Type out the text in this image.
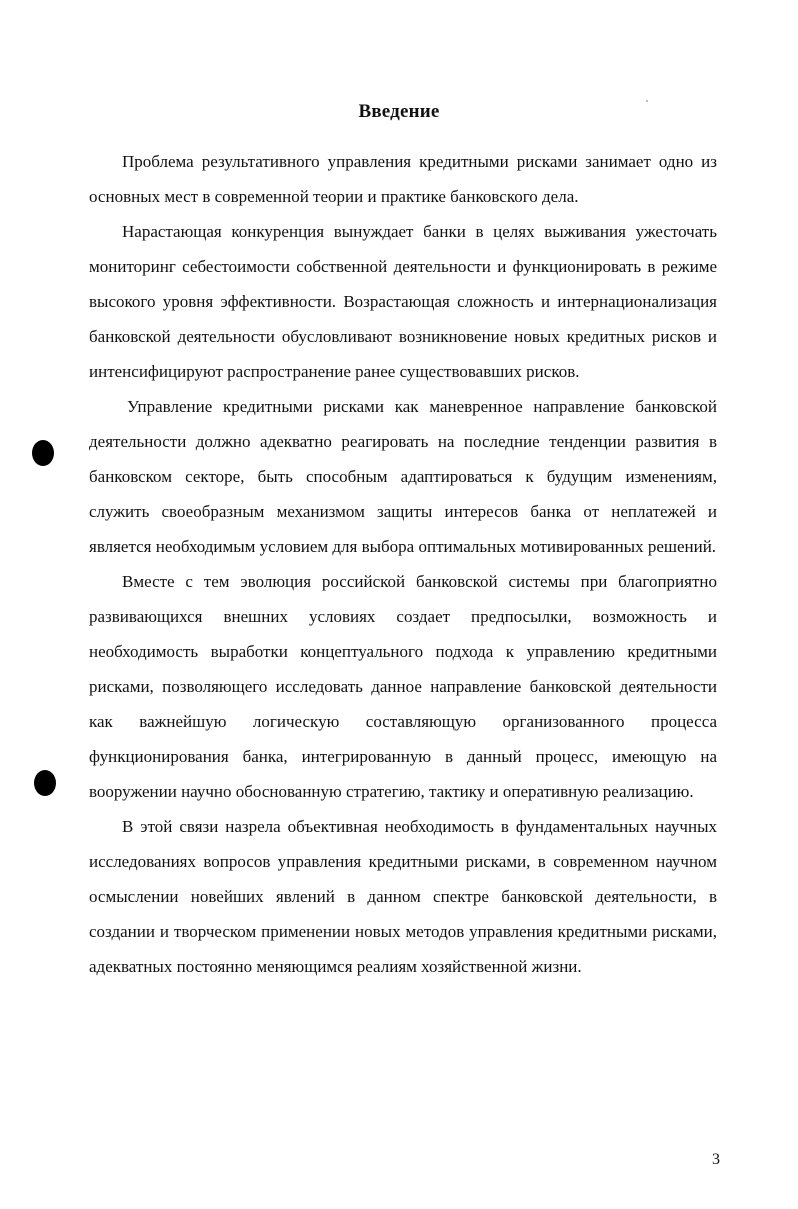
Введение

Проблема результативного управления кредитными рисками занимает одно из основных мест в современной теории и практике банковского дела.

Нарастающая конкуренция вынуждает банки в целях выживания ужесточать мониторинг себестоимости собственной деятельности и функционировать в режиме высокого уровня эффективности. Возрастающая сложность и интернационализация банковской деятельности обусловливают возникновение новых кредитных рисков и интенсифицируют распространение ранее существовавших рисков.

Управление кредитными рисками как маневренное направление банковской деятельности должно адекватно реагировать на последние тенденции развития в банковском секторе, быть способным адаптироваться к будущим изменениям, служить своеобразным механизмом защиты интересов банка от неплатежей и является необходимым условием для выбора оптимальных мотивированных решений.

Вместе с тем эволюция российской банковской системы при благоприятно развивающихся внешних условиях создает предпосылки, возможность и необходимость выработки концептуального подхода к управлению кредитными рисками, позволяющего исследовать данное направление банковской деятельности как важнейшую логическую составляющую организованного процесса функционирования банка, интегрированную в данный процесс, имеющую на вооружении научно обоснованную стратегию, тактику и оперативную реализацию.

В этой связи назрела объективная необходимость в фундаментальных научных исследованиях вопросов управления кредитными рисками, в современном научном осмыслении новейших явлений в данном спектре банковской деятельности, в создании и творческом применении новых методов управления кредитными рисками, адекватных постоянно меняющимся реалиям хозяйственной жизни.

3
